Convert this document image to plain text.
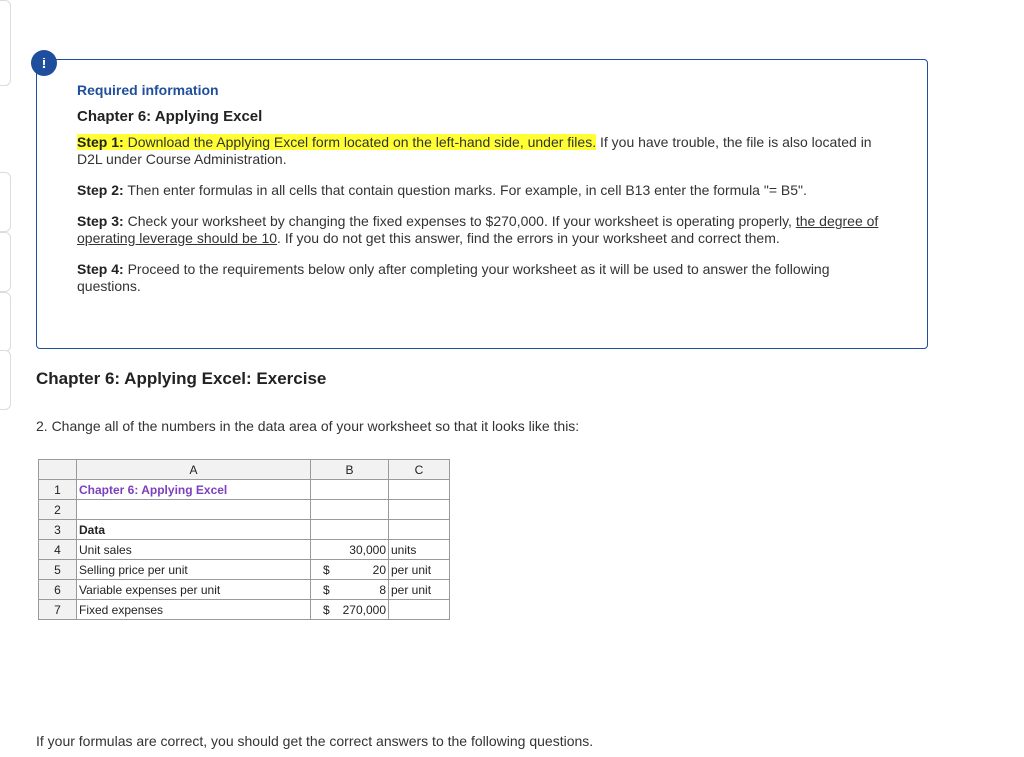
!
Required information
Chapter 6: Applying Excel

Step 1: Download the Applying Excel form located on the left-hand side, under files. If you have trouble, the file is also located in D2L under Course Administration.

Step 2: Then enter formulas in all cells that contain question marks. For example, in cell B13 enter the formula "= B5".

Step 3: Check your worksheet by changing the fixed expenses to $270,000. If your worksheet is operating properly, the degree of operating leverage should be 10. If you do not get this answer, find the errors in your worksheet and correct them.

Step 4: Proceed to the requirements below only after completing your worksheet as it will be used to answer the following questions.

Chapter 6: Applying Excel: Exercise
2. Change all of the numbers in the data area of your worksheet so that it looks like this:
	A	B	C
1	Chapter 6: Applying Excel	

2		

3	Data	

4	Unit sales	30,000	units
5	Selling price per unit	$ 20	per unit
6	Variable expenses per unit	$ 8	per unit
7	Fixed expenses	$ 270,000	

If your formulas are correct, you should get the correct answers to the following questions.
